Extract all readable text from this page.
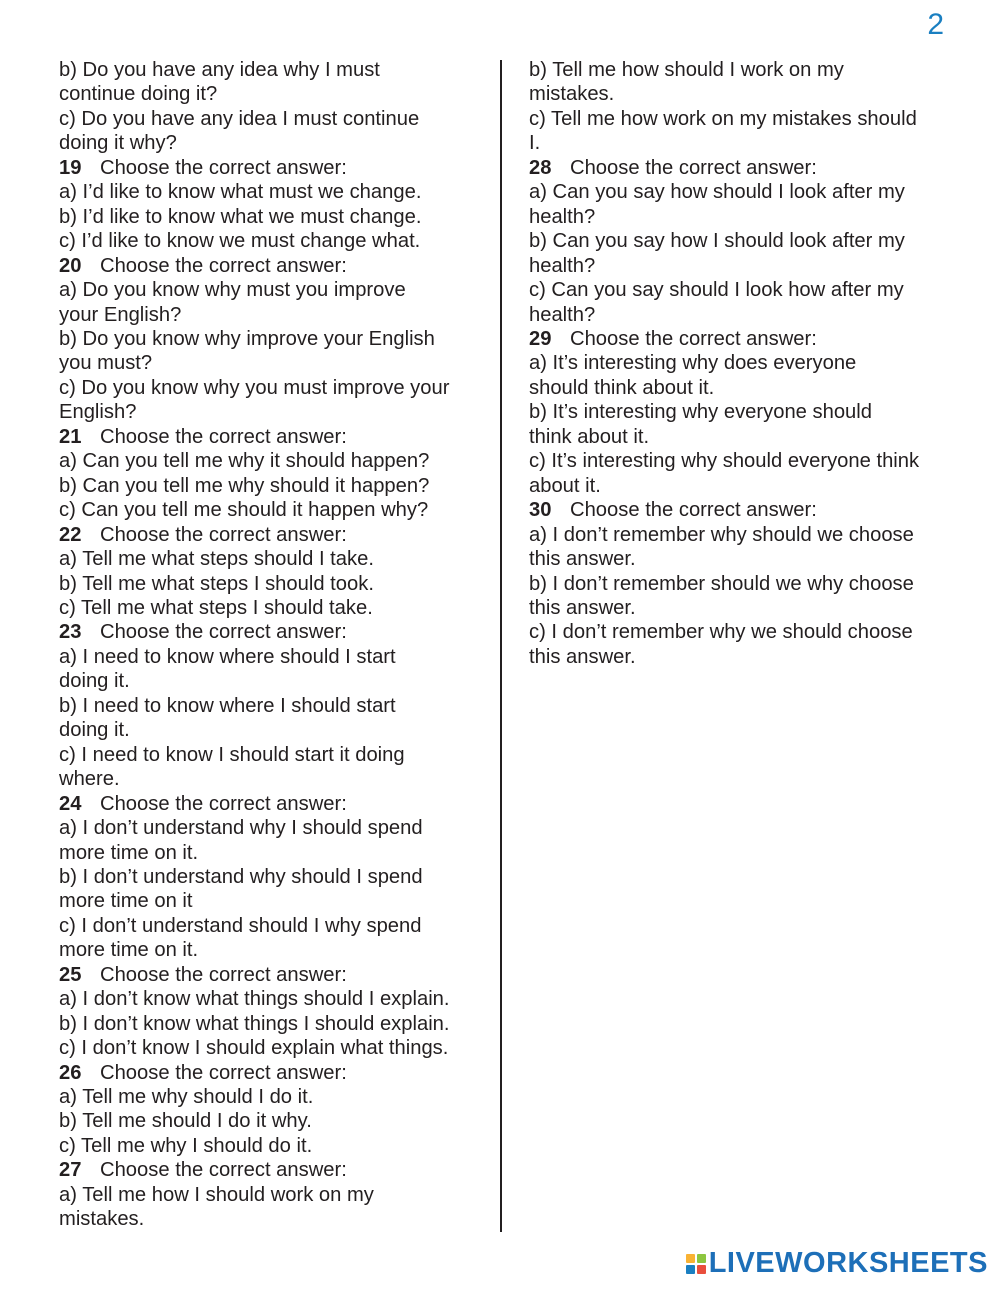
2
b) Do you have any idea why I must
continue doing it?
c) Do you have any idea I must continue
doing it why?
19 Choose the correct answer:
a) I’d like to know what must we change.
b) I’d like to know what we must change.
c) I’d like to know we must change what.
20 Choose the correct answer:
a) Do you know why must you improve
your English?
b) Do you know why improve your English
you must?
c) Do you know why you must improve your
English?
21 Choose the correct answer:
a) Can you tell me why it should happen?
b) Can you tell me why should it happen?
c) Can you tell me should it happen why?
22 Choose the correct answer:
a) Tell me what steps should I take.
b) Tell me what steps I should took.
c) Tell me what steps I should take.
23 Choose the correct answer:
a) I need to know where should I start
doing it.
b) I need to know where I should start
doing it.
c) I need to know I should start it doing
where.
24 Choose the correct answer:
a) I don’t understand why I should spend
more time on it.
b) I don’t understand why should I spend
more time on it
c) I don’t understand should I why spend
more time on it.
25 Choose the correct answer:
a) I don’t know what things should I explain.
b) I don’t know what things I should explain.
c) I don’t know I should explain what things.
26 Choose the correct answer:
a) Tell me why should I do it.
b) Tell me should I do it why.
c) Tell me why I should do it.
27 Choose the correct answer:
a) Tell me how I should work on my
mistakes.
b) Tell me how should I work on my
mistakes.
c) Tell me how work on my mistakes should
I.
28 Choose the correct answer:
a) Can you say how should I look after my
health?
b) Can you say how I should look after my
health?
c) Can you say should I look how after my
health?
29 Choose the correct answer:
a) It’s interesting why does everyone
should think about it.
b) It’s interesting why everyone should
think about it.
c) It’s interesting why should everyone think
about it.
30 Choose the correct answer:
a) I don’t remember why should we choose
this answer.
b) I don’t remember should we why choose
this answer.
c) I don’t remember why we should choose
this answer.
LIVEWORKSHEETS
